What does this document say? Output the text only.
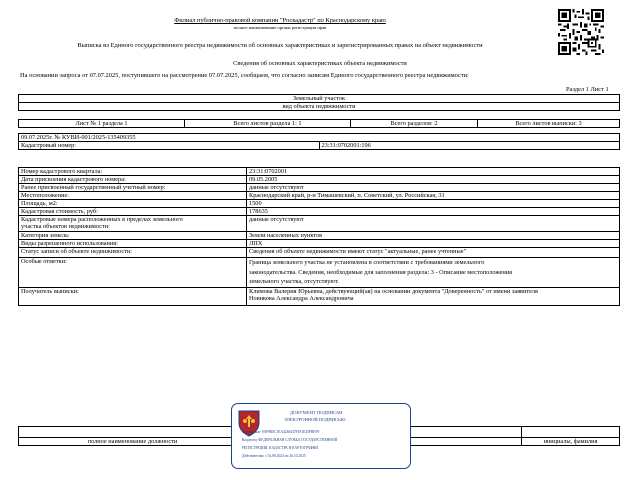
Филиал публично-правовой компании "Роскадастр" по Краснодарскому краю
полное наименование органа регистрации прав
Выписка из Единого государственного реестра недвижимости об основных характеристиках и зарегистрированных правах на объект недвижимости
Сведения об основных характеристиках объекта недвижимости
На основании запроса от 07.07.2025, поступившего на рассмотрение 07.07.2025, сообщаем, что согласно записям Единого государственного реестра недвижимости:
Раздел 1 Лист 1
Земельный участок
вид объекта недвижимости
Лист № 1 раздела 1	Всего листов раздела 1: 1	Всего разделов: 2	Всего листов выписки: 3
09.07.2025г. № КУВИ-001/2025-135409355
Кадастровый номер:	23:31:0702001:196
Номер кадастрового квартала:	23:31:0702001
Дата присвоения кадастрового номера:	09.05.2005
Ранее присвоенный государственный учетный номер:	данные отсутствуют
Местоположение:	Краснодарский край, р-н Тимашевский, п. Советский, ул. Российская, 31
Площадь, м2:	1500
Кадастровая стоимость, руб:	178635

Кадастровые номера расположенных в пределах земельного
участка объектов недвижимости:	данные отсутствуют
Категория земель:	Земли населенных пунктов
Виды разрешенного использования:	ЛПХ
Статус записи об объекте недвижимости:	Сведения об объекте недвижимости имеют статус "актуальные, ранее учтенные"
Особые отметки:	Граница земельного участка не установлена в соответствии с требованиями земельного
законодательства. Сведения, необходимые для заполнения раздела: 3 - Описание местоположения
земельного участка, отсутствуют.

Получатель выписки:	Климова Валерия Юрьевна, действующий(ая) на основании документа "Доверенность" от имени заявителя
Новикова Александра Александровича

полное наименование должности		инициалы, фамилия
ДОКУМЕНТ ПОДПИСАН
ЭЛЕКТРОННОЙ ПОДПИСЬЮ
Сертификат: 00F98DC1EA4238447F3F1E25FBEF9
Владелец: ФЕДЕРАЛЬНАЯ СЛУЖБА ГОСУДАРСТВЕННОЙ
РЕГИСТРАЦИИ, КАДАСТРА И КАРТОГРАФИИ
Действителен: с 02.08.2024 по 26.10.2025
